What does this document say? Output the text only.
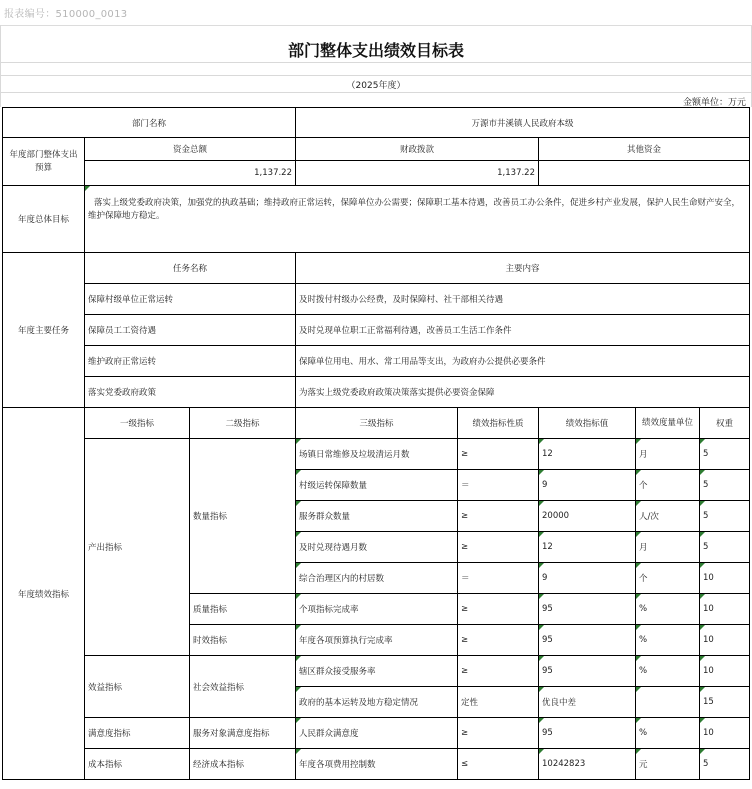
报表编号：510000_0013
部门整体支出绩效目标表
（2025年度）
金额单位：万元
部门名称			万源市井溪镇人民政府本级				
年度部门整体支出预算	资金总额		财政拨款		其他资金		
	1,137.22		1,137.22				
年度总体目标	落实上级党委政府决策，加强党的执政基础；维持政府正常运转，保障单位办公需要；保障职工基本待遇，改善员工办公条件，促进乡村产业发展，保护人民生命财产安全，维护保障地方稳定。						
年度主要任务	任务名称		主要内容				
	保障村级单位正常运转		及时拨付村级办公经费，及时保障村、社干部相关待遇				
	保障员工工资待遇		及时兑现单位职工正常福利待遇，改善员工生活工作条件				
	维护政府正常运转		保障单位用电、用水、常工用品等支出，为政府办公提供必要条件				
	落实党委政府政策		为落实上级党委政府政策决策落实提供必要资金保障				
年度绩效指标	一级指标	二级指标	三级指标	绩效指标性质	绩效指标值	绩效度量单位	权重
	产出指标	数量指标	场镇日常维修及垃圾清运月数	≥	12	月	5
			村级运转保障数量	＝	9	个	5
			服务群众数量	≥	20000	人/次	5
			及时兑现待遇月数	≥	12	月	5
			综合治理区内的村居数	＝	9	个	10
		质量指标	个项指标完成率	≥	95	%	10
		时效指标	年度各项预算执行完成率	≥	95	%	10
	效益指标	社会效益指标	辖区群众接受服务率	≥	95	%	10
			政府的基本运转及地方稳定情况	定性	优良中差		15
	满意度指标	服务对象满意度指标	人民群众满意度	≥	95	%	10
	成本指标	经济成本指标	年度各项费用控制数	≤	10242823	元	5
